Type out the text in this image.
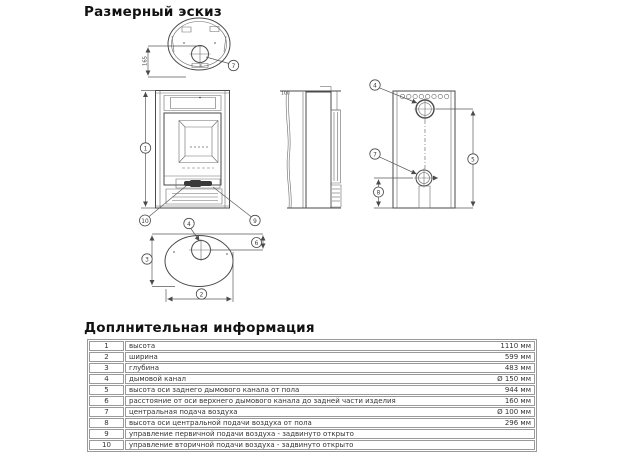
Размерный эскиз
165
7
1
10	9
100
4
7
8
5
4
6
3
2
Доплнительная информация
1	высота 1110 мм

2	ширина 599 мм

3	глубина 483 мм

4	дымовой канал Ø 150 мм

5	высота оси заднего дымового канала от пола 944 мм

6	расстояние от оси верхнего дымового канала до задней части изделия 160 мм

7	центральная подача воздуха Ø 100 мм

8	высота оси центральной подачи воздуха от пола 296 мм

9	управление первичной подачи воздуха - задвинуто открыто

10	управление вторичной подачи воздуха - задвинуто открыто
